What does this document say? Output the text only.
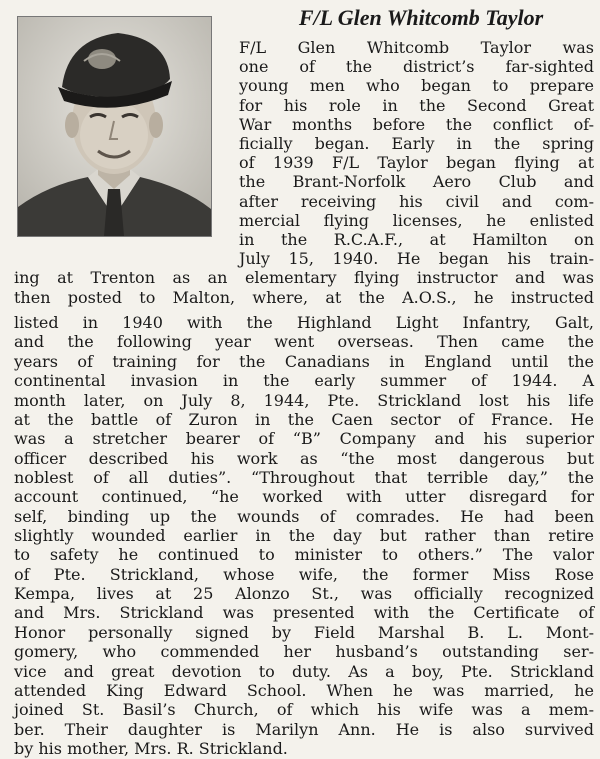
F/L Glen Whitcomb Taylor
F/L Glen Whitcomb Taylor was
one of the district’s far-sighted
young men who began to prepare
for his role in the Second Great
War months before the conflict of-
ficially began. Early in the spring
of 1939 F/L Taylor began flying at
the Brant-Norfolk Aero Club and
after receiving his civil and com-
mercial flying licenses, he enlisted
in the R.C.A.F., at Hamilton on
July 15, 1940. He began his train-
ing at Trenton as an elementary flying instructor and was
then posted to Malton, where, at the A.O.S., he instructed
listed in 1940 with the Highland Light Infantry, Galt,
and the following year went overseas. Then came the
years of training for the Canadians in England until the
continental invasion in the early summer of 1944. A
month later, on July 8, 1944, Pte. Strickland lost his life
at the battle of Zuron in the Caen sector of France. He
was a stretcher bearer of “B” Company and his superior
officer described his work as “the most dangerous but
noblest of all duties”. “Throughout that terrible day,” the
account continued, “he worked with utter disregard for
self, binding up the wounds of comrades. He had been
slightly wounded earlier in the day but rather than retire
to safety he continued to minister to others.” The valor
of Pte. Strickland, whose wife, the former Miss Rose
Kempa, lives at 25 Alonzo St., was officially recognized
and Mrs. Strickland was presented with the Certificate of
Honor personally signed by Field Marshal B. L. Mont-
gomery, who commended her husband’s outstanding ser-
vice and great devotion to duty. As a boy, Pte. Strickland
attended King Edward School. When he was married, he
joined St. Basil’s Church, of which his wife was a mem-
ber. Their daughter is Marilyn Ann. He is also survived
by his mother, Mrs. R. Strickland.
